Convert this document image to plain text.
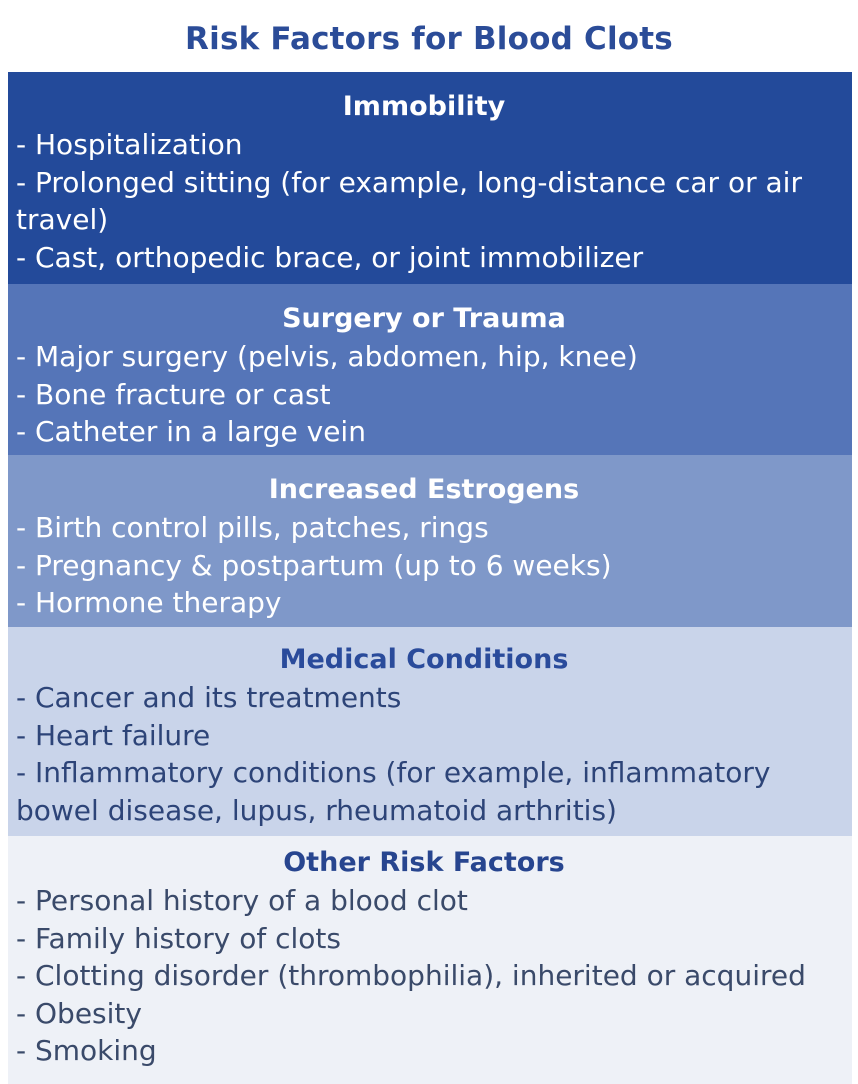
Risk Factors for Blood Clots
Immobility
- Hospitalization
- Prolonged sitting (for example, long-distance car or air travel)
- Cast, orthopedic brace, or joint immobilizer
Surgery or Trauma
- Major surgery (pelvis, abdomen, hip, knee)
- Bone fracture or cast
- Catheter in a large vein
Increased Estrogens
- Birth control pills, patches, rings
- Pregnancy & postpartum (up to 6 weeks)
- Hormone therapy
Medical Conditions
- Cancer and its treatments
- Heart failure
- Inflammatory conditions (for example, inflammatory bowel disease, lupus, rheumatoid arthritis)
Other Risk Factors
- Personal history of a blood clot
- Family history of clots
- Clotting disorder (thrombophilia), inherited or acquired
- Obesity
- Smoking
